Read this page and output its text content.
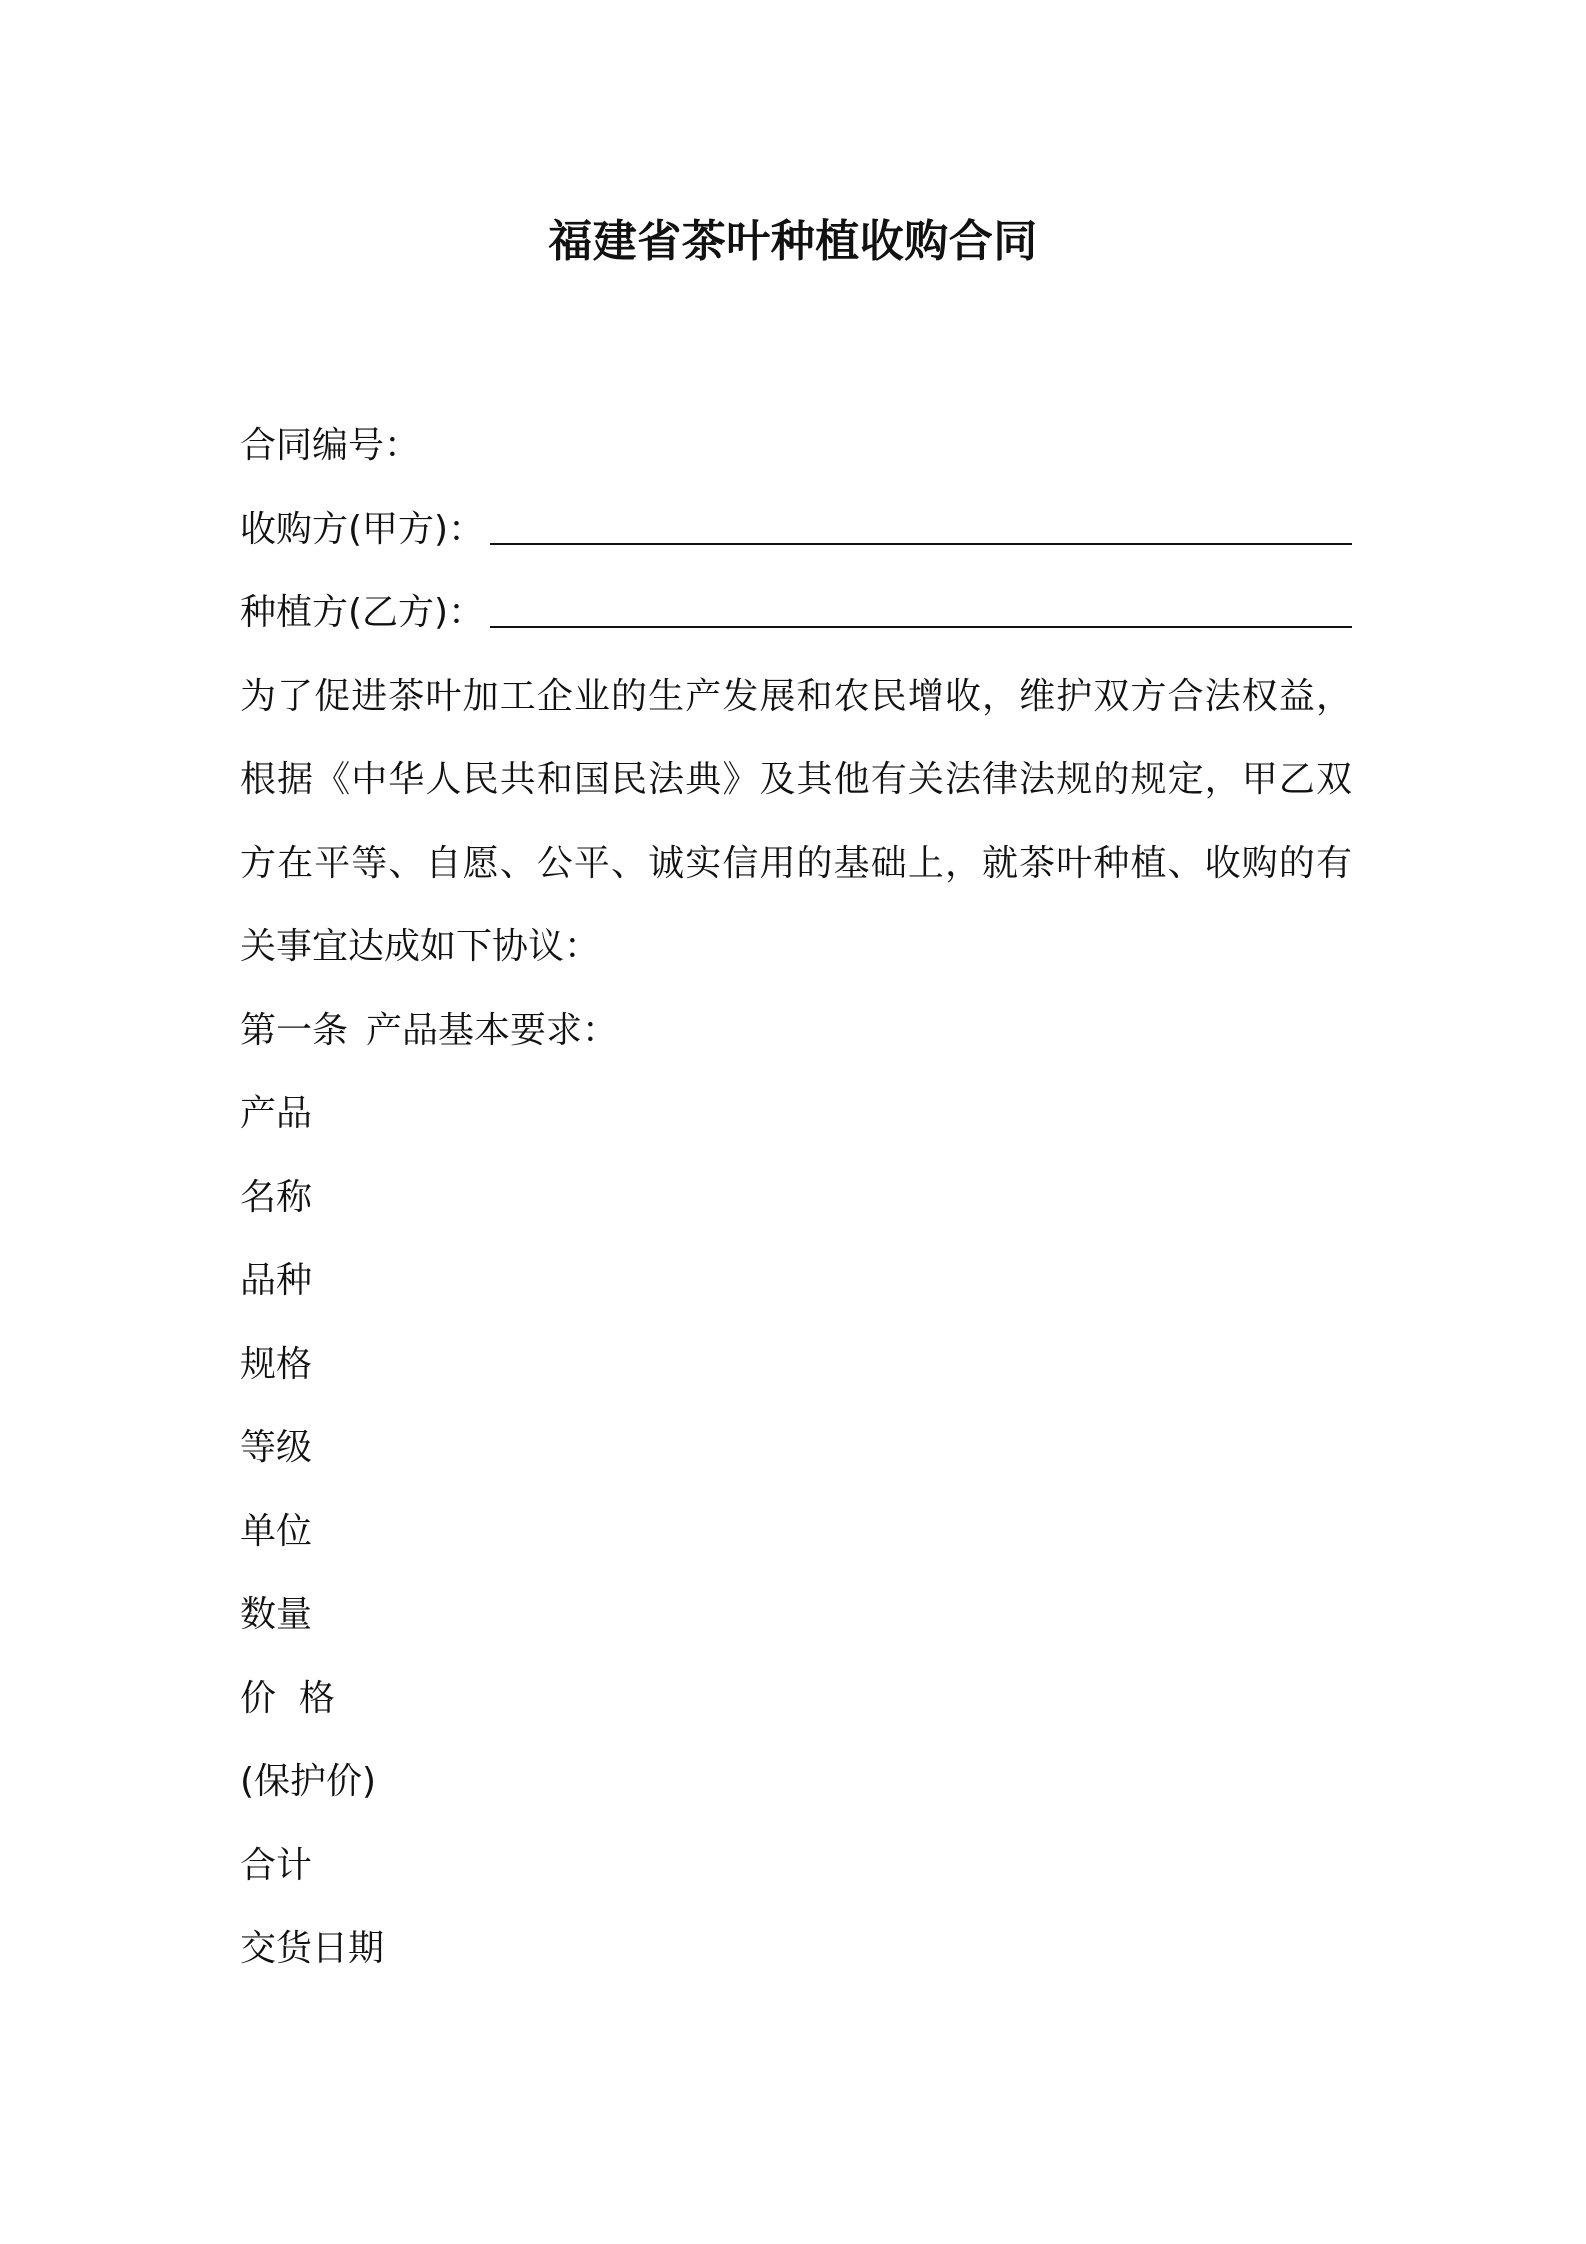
福建省茶叶种植收购合同
合同编号：
收购方(甲方)：
种植方(乙方)：
为了促进茶叶加工企业的生产发展和农民增收，维护双方合法权益，根据《中华人民共和国民法典》及其他有关法律法规的规定，甲乙双方在平等、自愿、公平、诚实信用的基础上，就茶叶种植、收购的有关事宜达成如下协议：
第一条 产品基本要求：
产品
名称
品种
规格
等级
单位
数量
价  格
(保护价)
合计
交货日期
